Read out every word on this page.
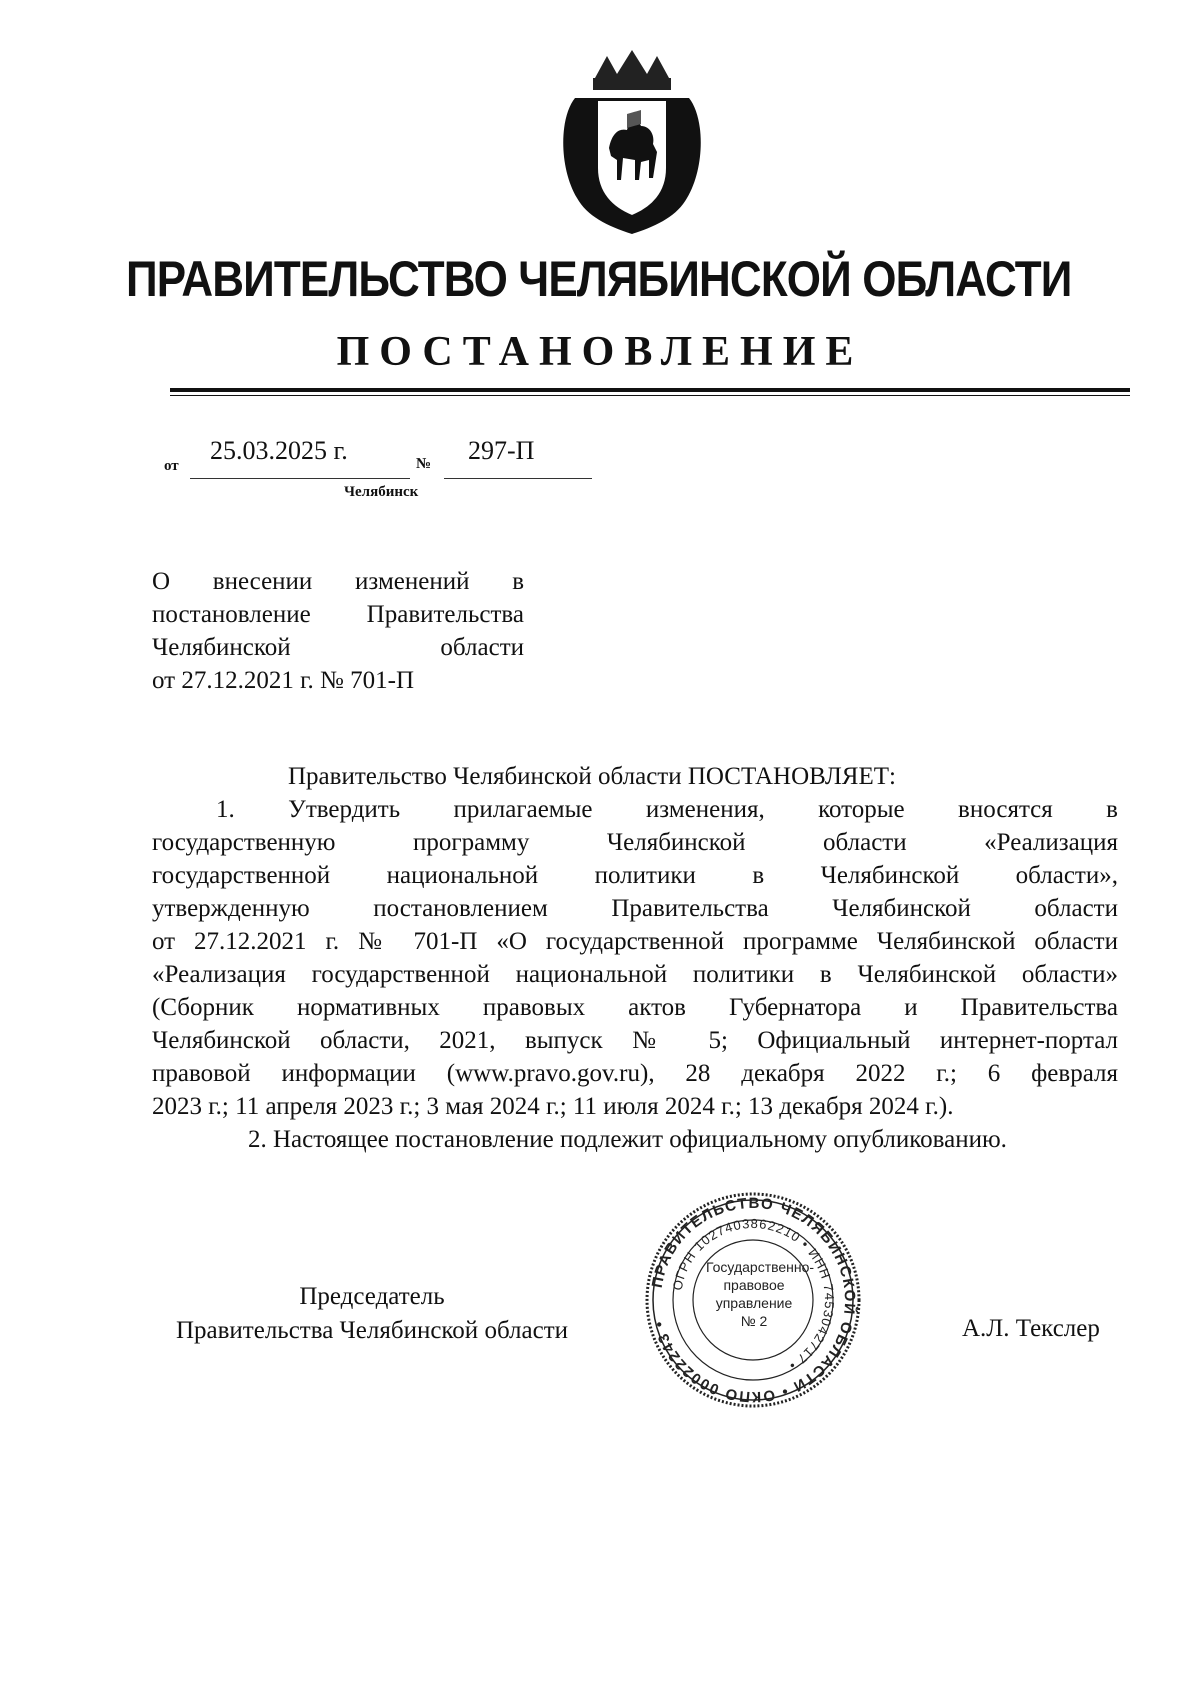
ПРАВИТЕЛЬСТВО ЧЕЛЯБИНСКОЙ ОБЛАСТИ
ПОСТАНОВЛЕНИЕ
от
25.03.2025 г.	№ 297-П
Челябинск
О внесении изменений в
постановление Правительства
Челябинской области
от 27.12.2021 г. № 701-П

Правительство Челябинской области ПОСТАНОВЛЯЕТ:

1. Утвердить прилагаемые изменения, которые вносятся в
государственную программу Челябинской области «Реализация
государственной национальной политики в Челябинской области»,
утвержденную постановлением Правительства Челябинской области
от 27.12.2021 г. № 701-П «О государственной программе Челябинской области
«Реализация государственной национальной политики в Челябинской области»
(Сборник нормативных правовых актов Губернатора и Правительства
Челябинской области, 2021, выпуск № 5; Официальный интернет-портал
правовой информации (www.pravo.gov.ru), 28 декабря 2022 г.; 6 февраля
2023 г.; 11 апреля 2023 г.; 3 мая 2024 г.; 11 июля 2024 г.; 13 декабря 2024 г.).

2. Настоящее постановление подлежит официальному опубликованию.

Председатель
Правительства Челябинской области
ПРАВИТЕЛЬСТВО ЧЕЛЯБИНСКОЙ ОБЛАСТИ • ОКПО 00022243 •
ОГРН 1027403862210 • ИНН 7453042717 •
Государственно-
правовое
управление
№ 2	А.Л. Текслер
